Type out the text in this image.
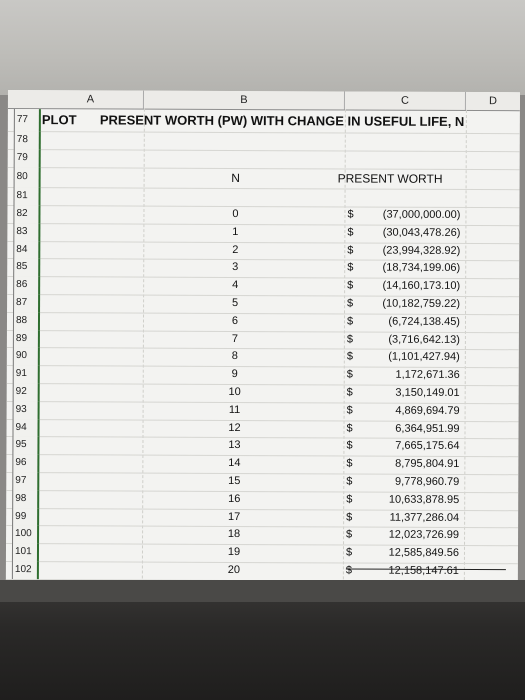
A	B	C	D
77	PLOT PRESENT WORTH (PW) WITH CHANGE IN USEFUL LIFE, N
78
79
80	N	PRESENT WORTH
81
82	0	$	(37,000,000.00)
83	1	$	(30,043,478.26)
84	2	$	(23,994,328.92)
85	3	$	(18,734,199.06)
86	4	$	(14,160,173.10)
87	5	$	(10,182,759.22)
88	6	$	(6,724,138.45)
89	7	$	(3,716,642.13)
90	8	$	(1,101,427.94)
91	9	$	1,172,671.36
92	10	$	3,150,149.01
93	11	$	4,869,694.79
94	12	$	6,364,951.99
95	13	$	7,665,175.64
96	14	$	8,795,804.91
97	15	$	9,778,960.79
98	16	$	10,633,878.95
99	17	$	11,377,286.04
100	18	$	12,023,726.99
101	19	$	12,585,849.56
102	20	$	12,158,147.61
